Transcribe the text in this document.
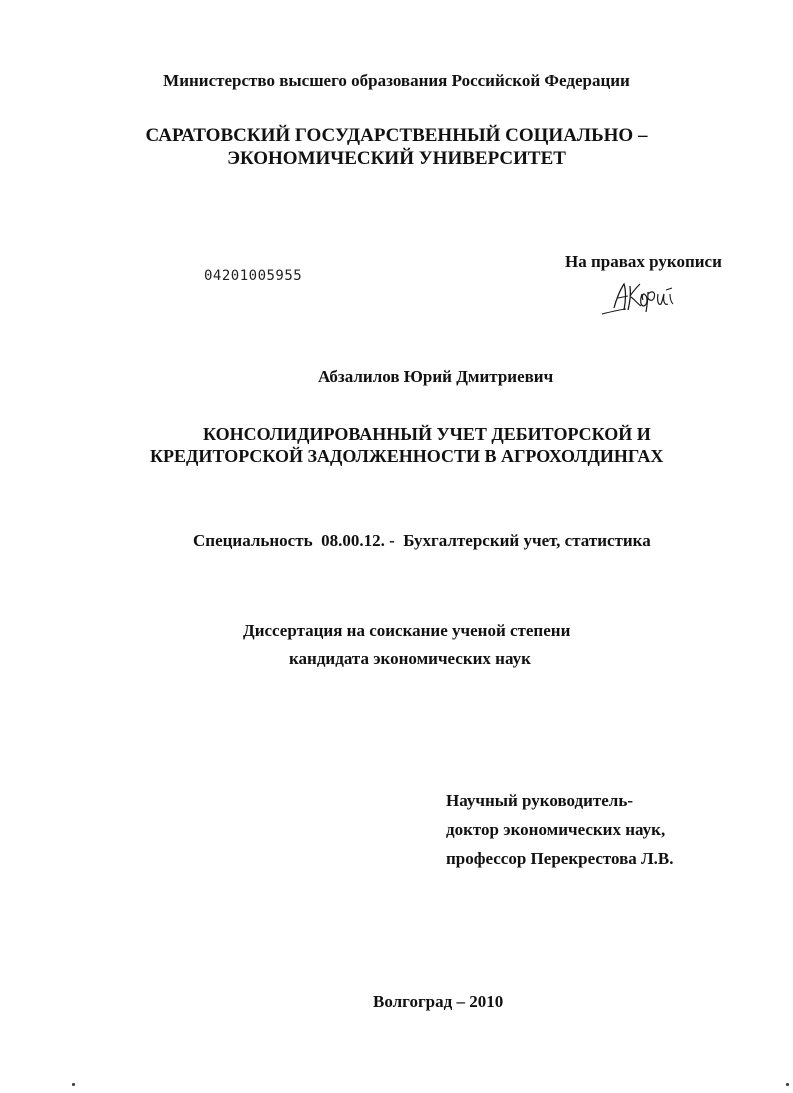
Министерство высшего образования Российской Федерации
САРАТОВСКИЙ ГОСУДАРСТВЕННЫЙ СОЦИАЛЬНО –
ЭКОНОМИЧЕСКИЙ УНИВЕРСИТЕТ
04201005955
На правах рукописи
Абзалилов Юрий Дмитриевич
КОНСОЛИДИРОВАННЫЙ УЧЕТ ДЕБИТОРСКОЙ И
КРЕДИТОРСКОЙ ЗАДОЛЖЕННОСТИ В АГРОХОЛДИНГАХ
Специальность  08.00.12. -  Бухгалтерский учет, статистика
Диссертация на соискание ученой степени
кандидата экономических наук
Научный руководитель-
доктор экономических наук,
профессор Перекрестова Л.В.
Волгоград – 2010
